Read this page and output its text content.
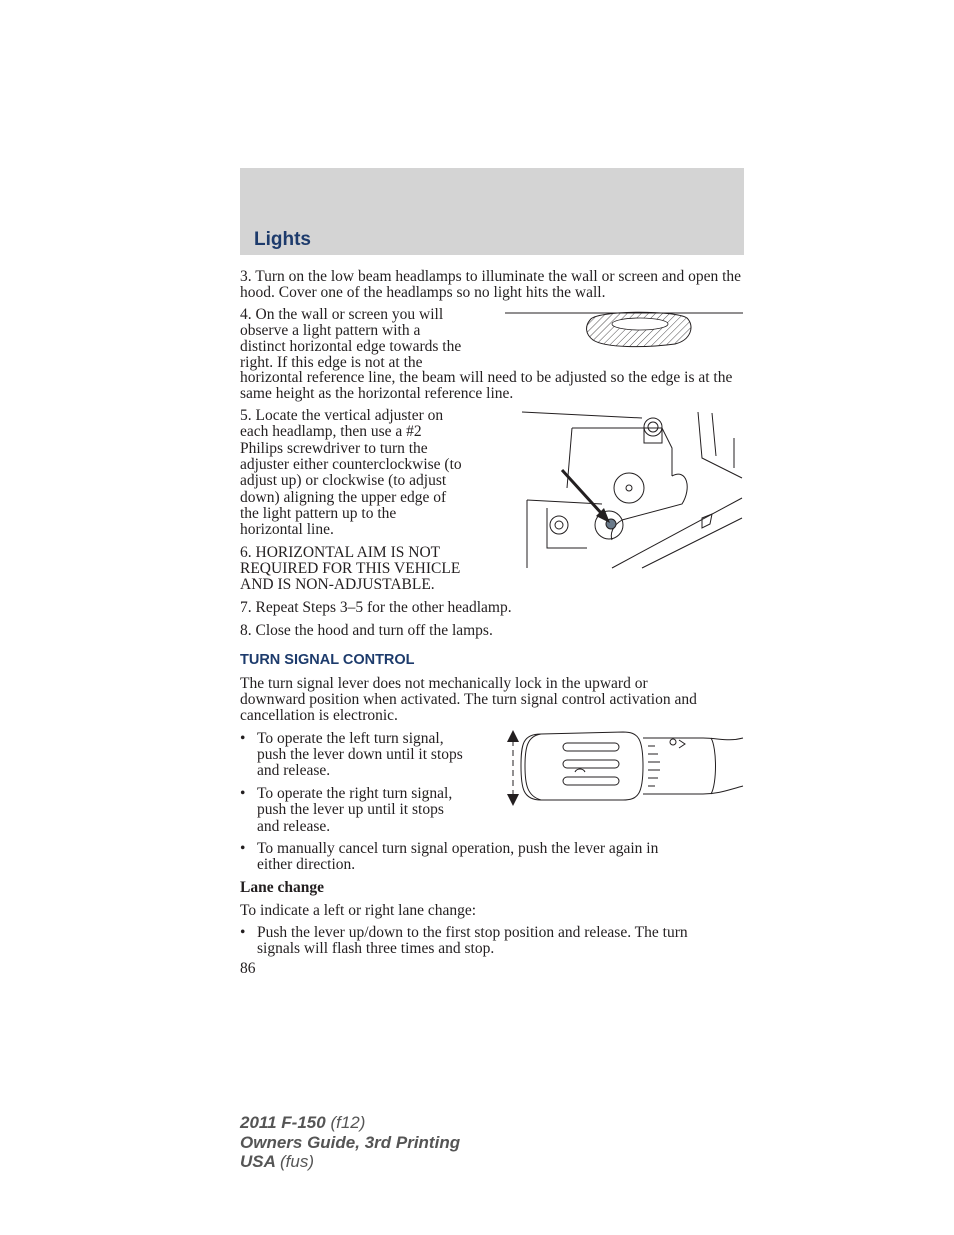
Lights
3. Turn on the low beam headlamps to illuminate the wall or screen and open the hood. Cover one of the headlamps so no light hits the wall.
4. On the wall or screen you will
observe a light pattern with a
distinct horizontal edge towards the
right. If this edge is not at the
horizontal reference line, the beam will need to be adjusted so the edge is at the same height as the horizontal reference line.
5. Locate the vertical adjuster on
each headlamp, then use a #2
Philips screwdriver to turn the
adjuster either counterclockwise (to
adjust up) or clockwise (to adjust
down) aligning the upper edge of
the light pattern up to the
horizontal line.
6. HORIZONTAL AIM IS NOT
REQUIRED FOR THIS VEHICLE
AND IS NON-ADJUSTABLE.
7. Repeat Steps 3–5 for the other headlamp.
8. Close the hood and turn off the lamps.
TURN SIGNAL CONTROL
The turn signal lever does not mechanically lock in the upward or
downward position when activated. The turn signal control activation and
cancellation is electronic.
• To operate the left turn signal,
push the lever down until it stops
and release.
• To operate the right turn signal,
push the lever up until it stops
and release.
• To manually cancel turn signal operation, push the lever again in
either direction.
Lane change
To indicate a left or right lane change:
• Push the lever up/down to the first stop position and release. The turn
signals will flash three times and stop.
86
2011 F-150 (f12)
Owners Guide, 3rd Printing
USA (fus)
